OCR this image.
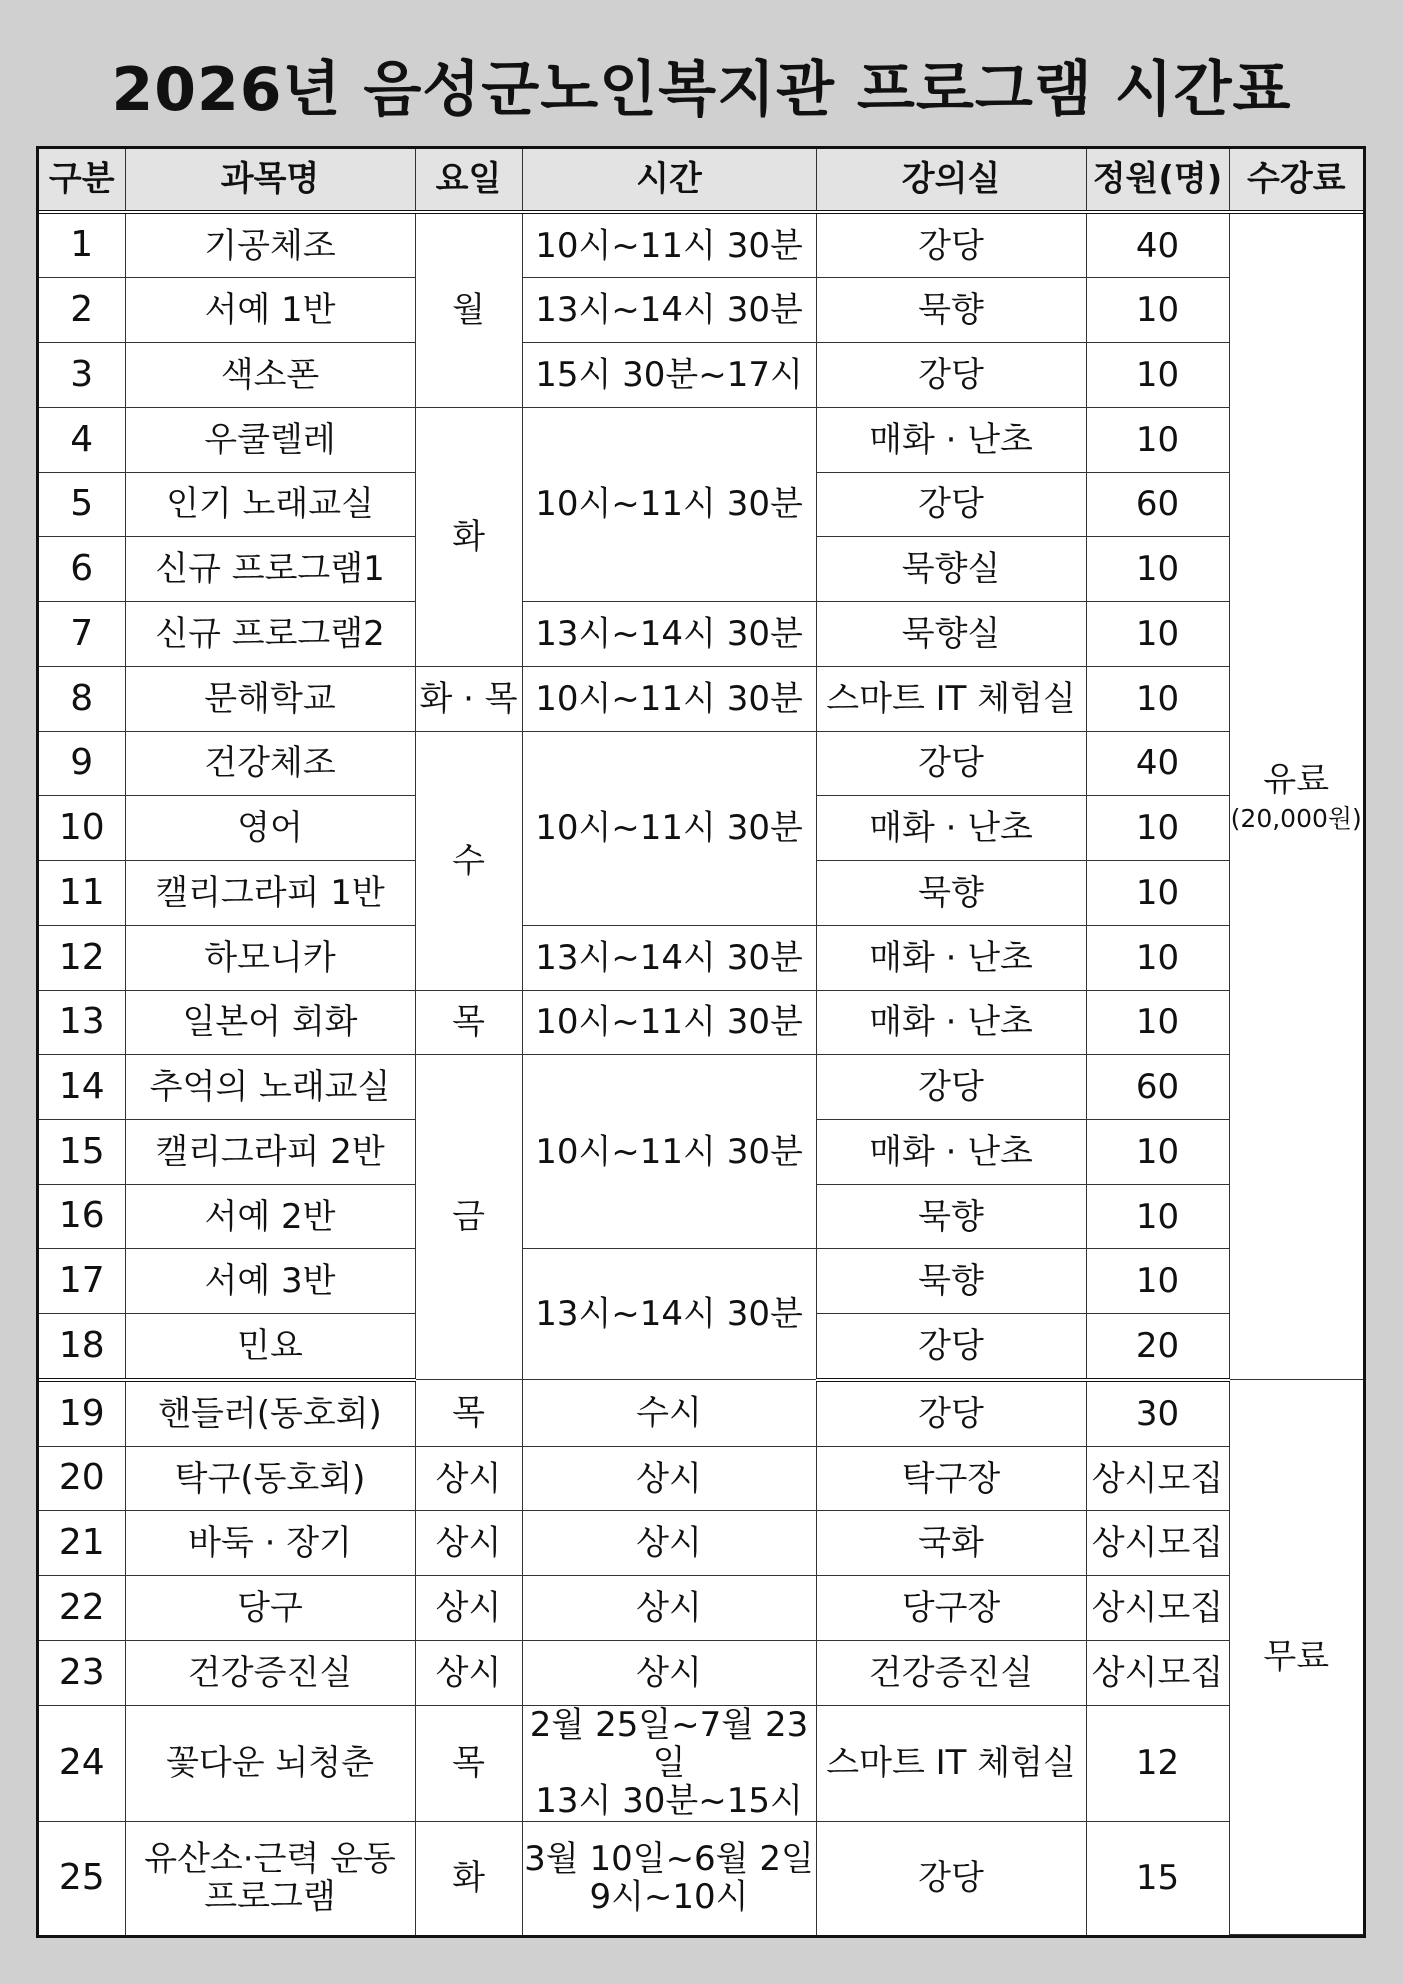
2026년 음성군노인복지관 프로그램 시간표
구분	과목명	요일	시간	강의실	정원(명)	수강료
1	기공체조	월	10시~11시 30분	강당	40	유료
(20,000원)

2	서예 1반		13시~14시 30분	묵향	10	
3	색소폰		15시 30분~17시	강당	10	
4	우쿨렐레	화	10시~11시 30분	매화 · 난초	10	
5	인기 노래교실			강당	60	
6	신규 프로그램1			묵향실	10	
7	신규 프로그램2		13시~14시 30분	묵향실	10	
8	문해학교	화 · 목	10시~11시 30분	스마트 IT 체험실	10	
9	건강체조	수	10시~11시 30분	강당	40	
10	영어			매화 · 난초	10	
11	캘리그라피 1반			묵향	10	
12	하모니카		13시~14시 30분	매화 · 난초	10	
13	일본어 회화	목	10시~11시 30분	매화 · 난초	10	
14	추억의 노래교실	금	10시~11시 30분	강당	60	
15	캘리그라피 2반			매화 · 난초	10	
16	서예 2반			묵향	10	
17	서예 3반		13시~14시 30분	묵향	10	
18	민요			강당	20	
19	핸들러(동호회)	목	수시	강당	30	무료
20	탁구(동호회)	상시	상시	탁구장	상시모집	
21	바둑 · 장기	상시	상시	국화	상시모집	
22	당구	상시	상시	당구장	상시모집	
23	건강증진실	상시	상시	건강증진실	상시모집	
24	꽃다운 뇌청춘	목	2월 25일~7월 23일
13시 30분~15시	스마트 IT 체험실	12	
25	유산소·근력 운동 프로그램	화	3월 10일~6월 2일
9시~10시	강당	15	
